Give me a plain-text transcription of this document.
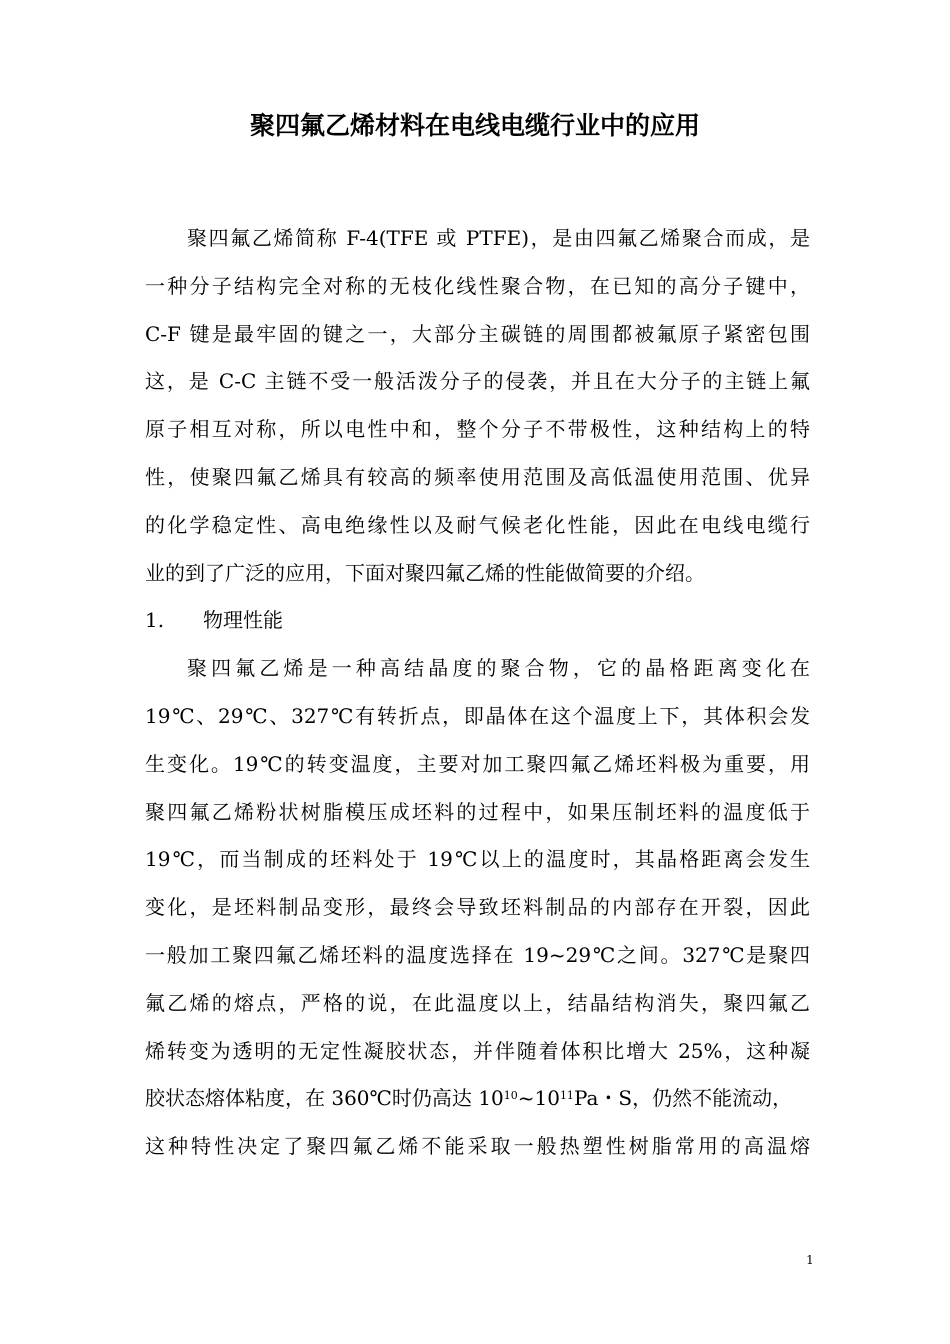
聚四氟乙烯材料在电线电缆行业中的应用
聚四氟乙烯简称 F-4(TFE 或 PTFE)，是由四氟乙烯聚合而成，是
一种分子结构完全对称的无枝化线性聚合物，在已知的高分子键中，
C-F 键是最牢固的键之一，大部分主碳链的周围都被氟原子紧密包围
这，是 C-C 主链不受一般活泼分子的侵袭，并且在大分子的主链上氟
原子相互对称，所以电性中和，整个分子不带极性，这种结构上的特
性，使聚四氟乙烯具有较高的频率使用范围及高低温使用范围、优异
的化学稳定性、高电绝缘性以及耐气候老化性能，因此在电线电缆行
业的到了广泛的应用，下面对聚四氟乙烯的性能做简要的介绍。
1. 物理性能
聚四氟乙烯是一种高结晶度的聚合物，它的晶格距离变化在
19℃、29℃、327℃有转折点，即晶体在这个温度上下，其体积会发
生变化。19℃的转变温度，主要对加工聚四氟乙烯坯料极为重要，用
聚四氟乙烯粉状树脂模压成坯料的过程中，如果压制坯料的温度低于
19℃，而当制成的坯料处于 19℃以上的温度时，其晶格距离会发生
变化，是坯料制品变形，最终会导致坯料制品的内部存在开裂，因此
一般加工聚四氟乙烯坯料的温度选择在 19~29℃之间。327℃是聚四
氟乙烯的熔点，严格的说，在此温度以上，结晶结构消失，聚四氟乙
烯转变为透明的无定性凝胶状态，并伴随着体积比增大 25%，这种凝
胶状态熔体粘度，在 360℃时仍高达 $10^{10}\sim 10^{11}Pa$・S，仍然不能流动，
这种特性决定了聚四氟乙烯不能采取一般热塑性树脂常用的高温熔
1
